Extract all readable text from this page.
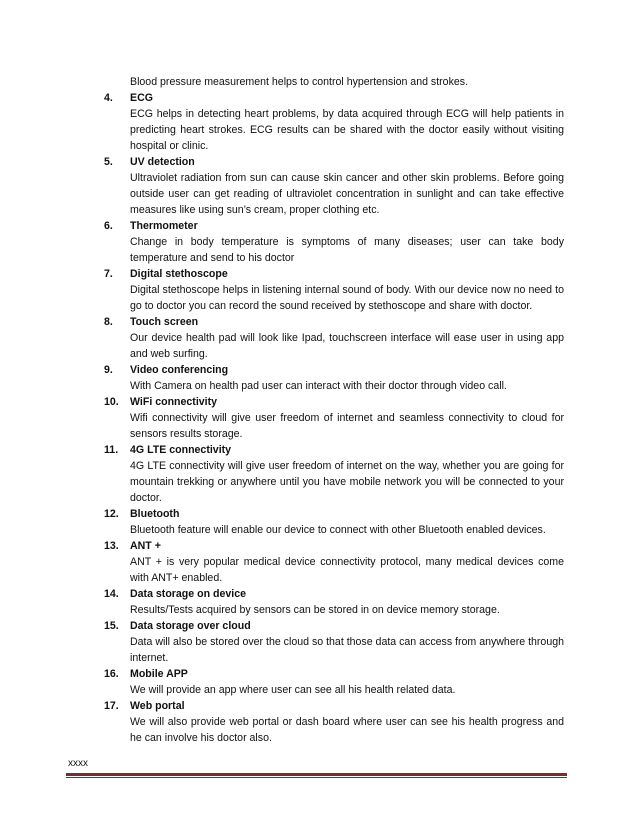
Blood pressure measurement helps to control hypertension and strokes.
4.	ECG
ECG helps in detecting heart problems, by data acquired through ECG will help patients in predicting heart strokes. ECG results can be shared with the doctor easily without visiting hospital or clinic.
5.	UV detection
Ultraviolet radiation from sun can cause skin cancer and other skin problems. Before going outside user can get reading of ultraviolet concentration in sunlight and can take effective measures like using sun’s cream, proper clothing etc.
6.	Thermometer
Change in body temperature is symptoms of many diseases; user can take body temperature and send to his doctor
7.	Digital stethoscope
Digital stethoscope helps in listening internal sound of body. With our device now no need to go to doctor you can record the sound received by stethoscope and share with doctor.
8.	Touch screen
Our device health pad will look like Ipad, touchscreen interface will ease user in using app and web surfing.
9.	Video conferencing
With Camera on health pad user can interact with their doctor through video call.
10.	WiFi connectivity
Wifi connectivity will give user freedom of internet and seamless connectivity to cloud for sensors results storage.
11.	4G LTE connectivity
4G LTE connectivity will give user freedom of internet on the way, whether you are going for mountain trekking or anywhere until you have mobile network you will be connected to your doctor.
12.	Bluetooth
Bluetooth feature will enable our device to connect with other Bluetooth enabled devices.
13.	ANT +
ANT + is very popular medical device connectivity protocol, many medical devices come with ANT+ enabled.
14.	Data storage on device
Results/Tests acquired by sensors can be stored in on device memory storage.
15.	Data storage over cloud
Data will also be stored over the cloud so that those data can access from anywhere through internet.
16.	Mobile APP
We will provide an app where user can see all his health related data.
17.	Web portal
We will also provide web portal or dash board where user can see his health progress and he can involve his doctor also.
xxxx
